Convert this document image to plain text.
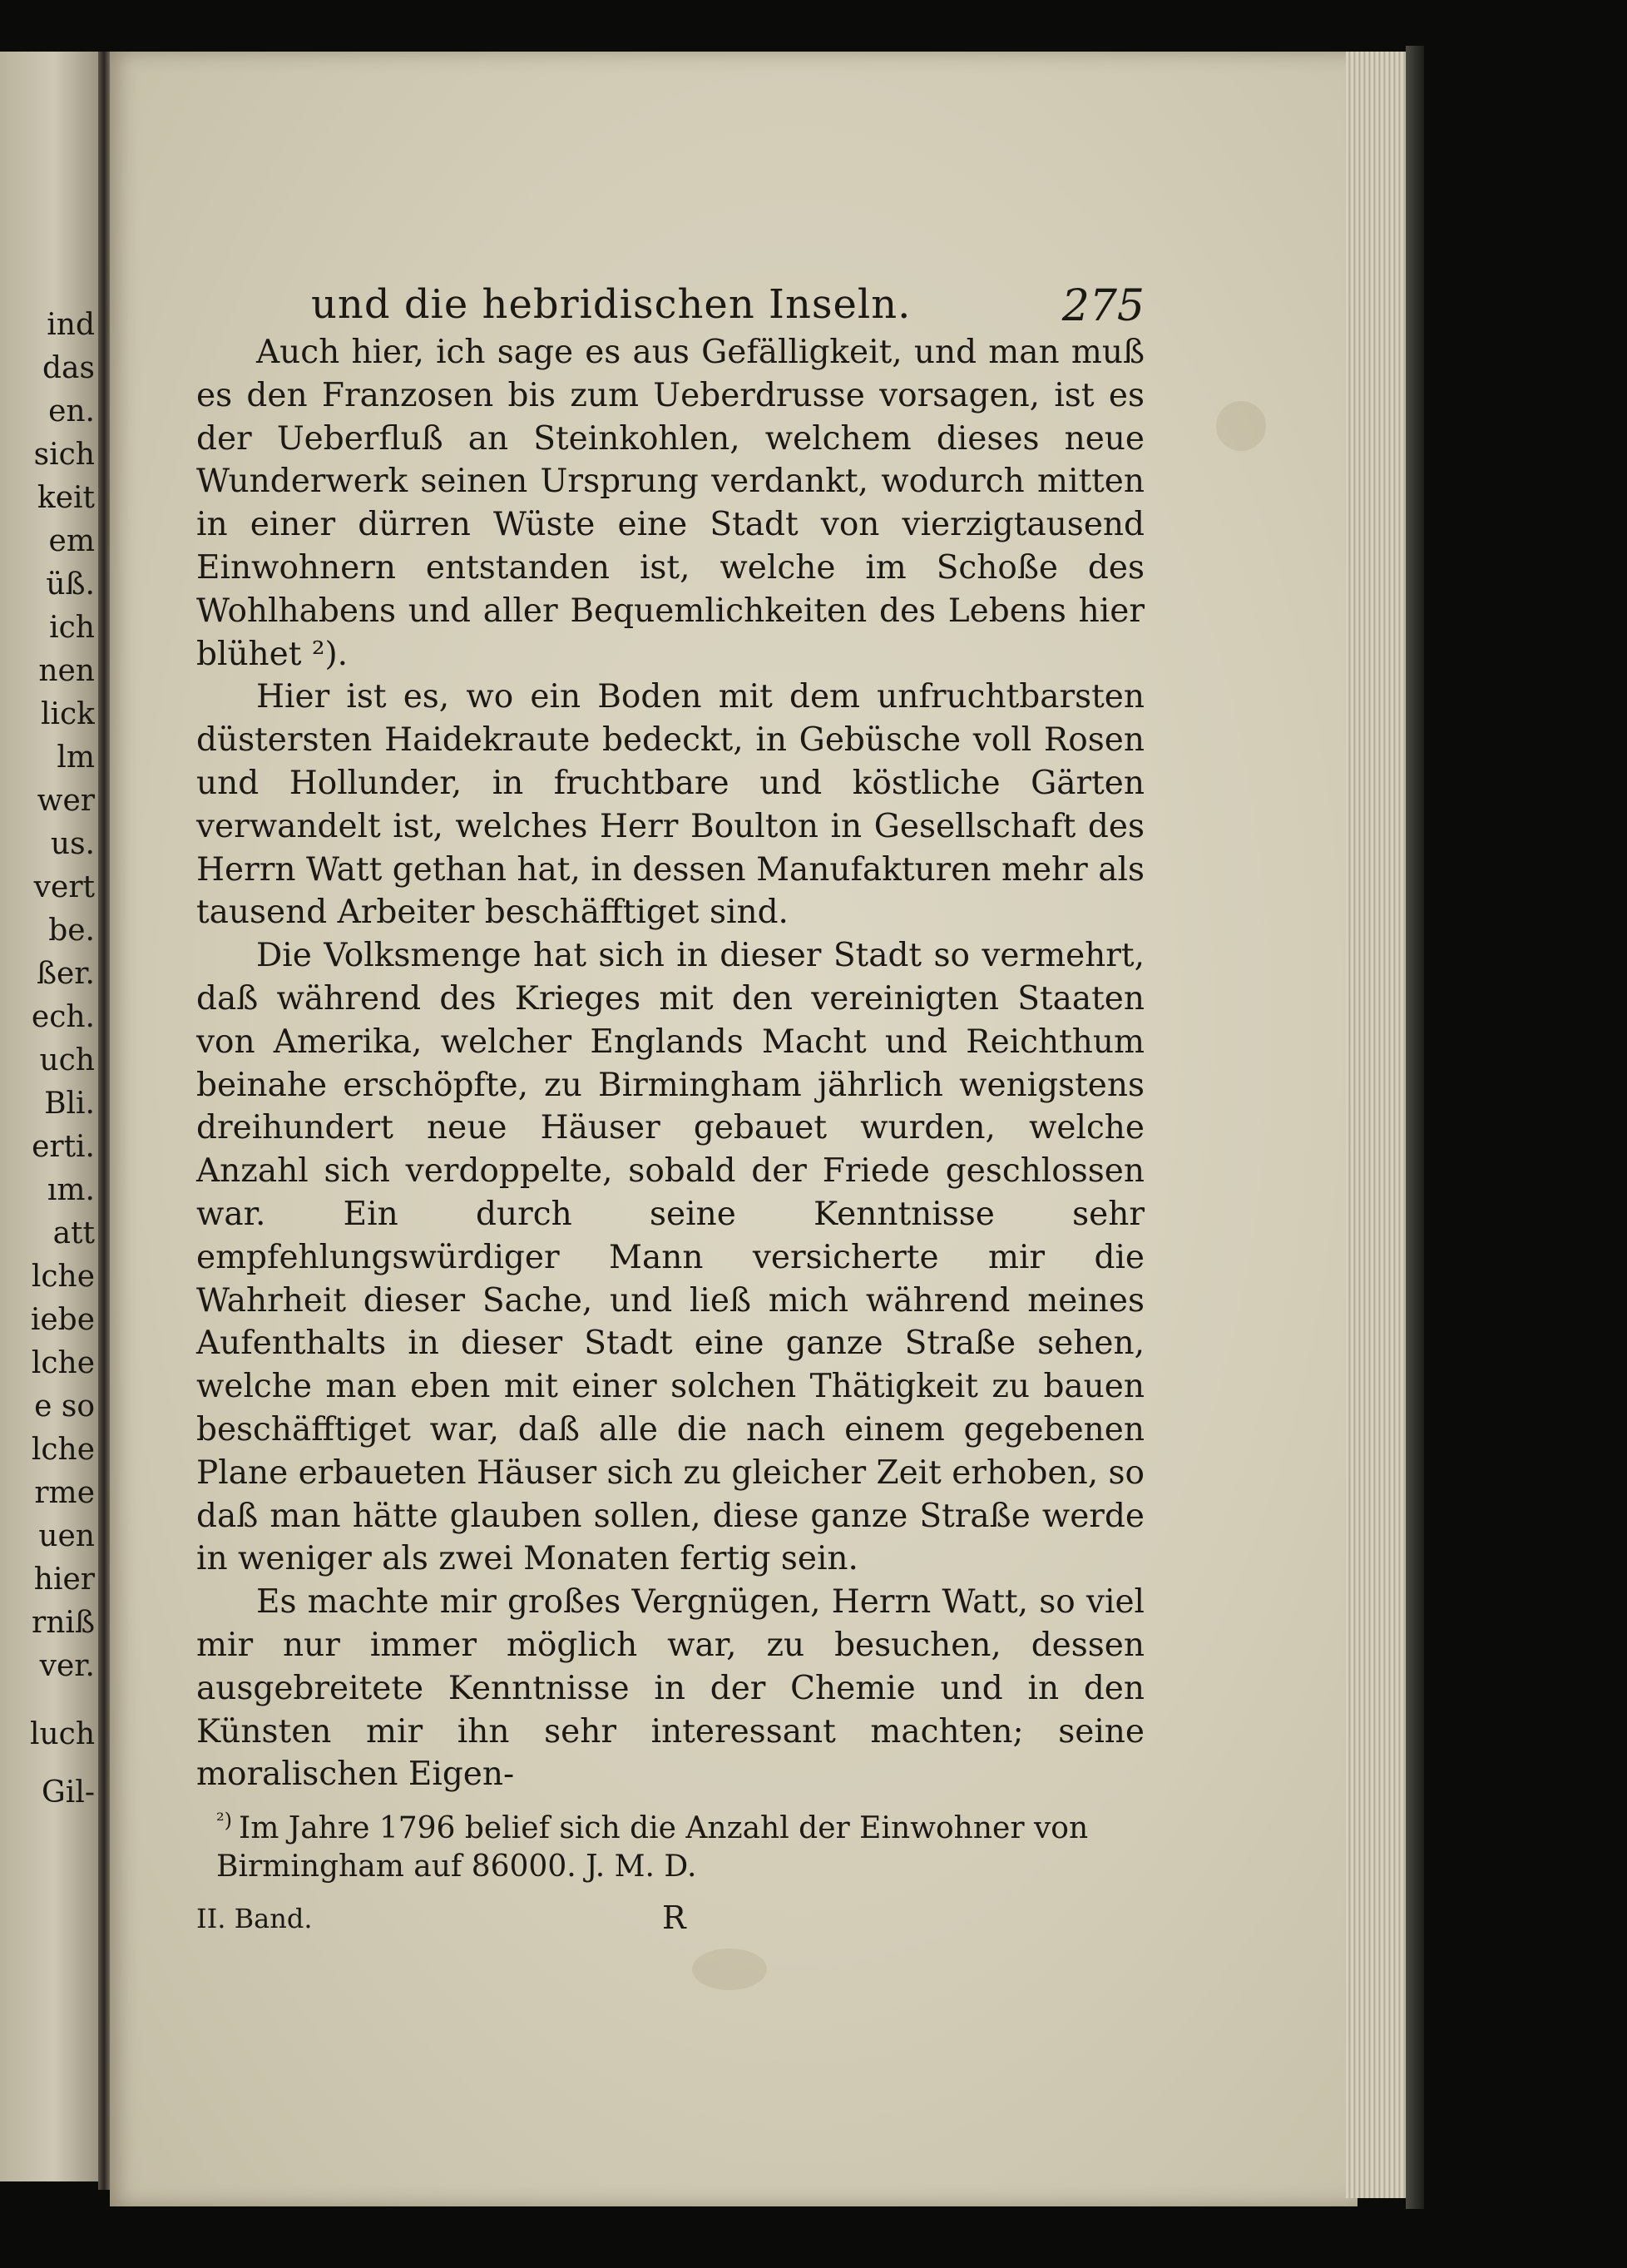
ind
das
en.
sich
keit
em
üß.
ich
nen
lick
lm
wer
us.
vert
be.
ßer.
ech.
uch
Bli.
erti.
ım.
att
lche
iebe
lche
e so
lche
rme
uen
hier
rniß
ver.
luch
Gil-
und die hebridischen Inseln.	275

Auch hier, ich sage es aus Gefälligkeit, und man muß es den Franzosen bis zum Ueberdrusse vorsagen, ist es der Ueberfluß an Steinkohlen, welchem dieses neue Wunderwerk seinen Ursprung verdankt, wodurch mitten in einer dürren Wüste eine Stadt von vierzigtausend Einwohnern entstanden ist, welche im Schoße des Wohlhabens und aller Bequemlichkeiten des Lebens hier blühet ²).

Hier ist es, wo ein Boden mit dem unfruchtbarsten düstersten Haidekraute bedeckt, in Gebüsche voll Rosen und Hollunder, in fruchtbare und köstliche Gärten verwandelt ist, welches Herr Boulton in Gesellschaft des Herrn Watt gethan hat, in dessen Manufakturen mehr als tausend Arbeiter beschäfftiget sind.

Die Volksmenge hat sich in dieser Stadt so vermehrt, daß während des Krieges mit den vereinigten Staaten von Amerika, welcher Englands Macht und Reichthum beinahe erschöpfte, zu Birmingham jährlich wenigstens dreihundert neue Häuser gebauet wurden, welche Anzahl sich verdoppelte, sobald der Friede geschlossen war. Ein durch seine Kenntnisse sehr empfehlungswürdiger Mann versicherte mir die Wahrheit dieser Sache, und ließ mich während meines Aufenthalts in dieser Stadt eine ganze Straße sehen, welche man eben mit einer solchen Thätigkeit zu bauen beschäfftiget war, daß alle die nach einem gegebenen Plane erbaueten Häuser sich zu gleicher Zeit erhoben, so daß man hätte glauben sollen, diese ganze Straße werde in weniger als zwei Monaten fertig sein.

Es machte mir großes Vergnügen, Herrn Watt, so viel mir nur immer möglich war, zu besuchen, dessen ausgebreitete Kenntnisse in der Chemie und in den Künsten mir ihn sehr interessant machten; seine moralischen Eigen-

$^{^2)}$ Im Jahre 1796 belief sich die Anzahl der Einwohner von Birmingham auf 86000. J. M. D.
II. Band.	R
